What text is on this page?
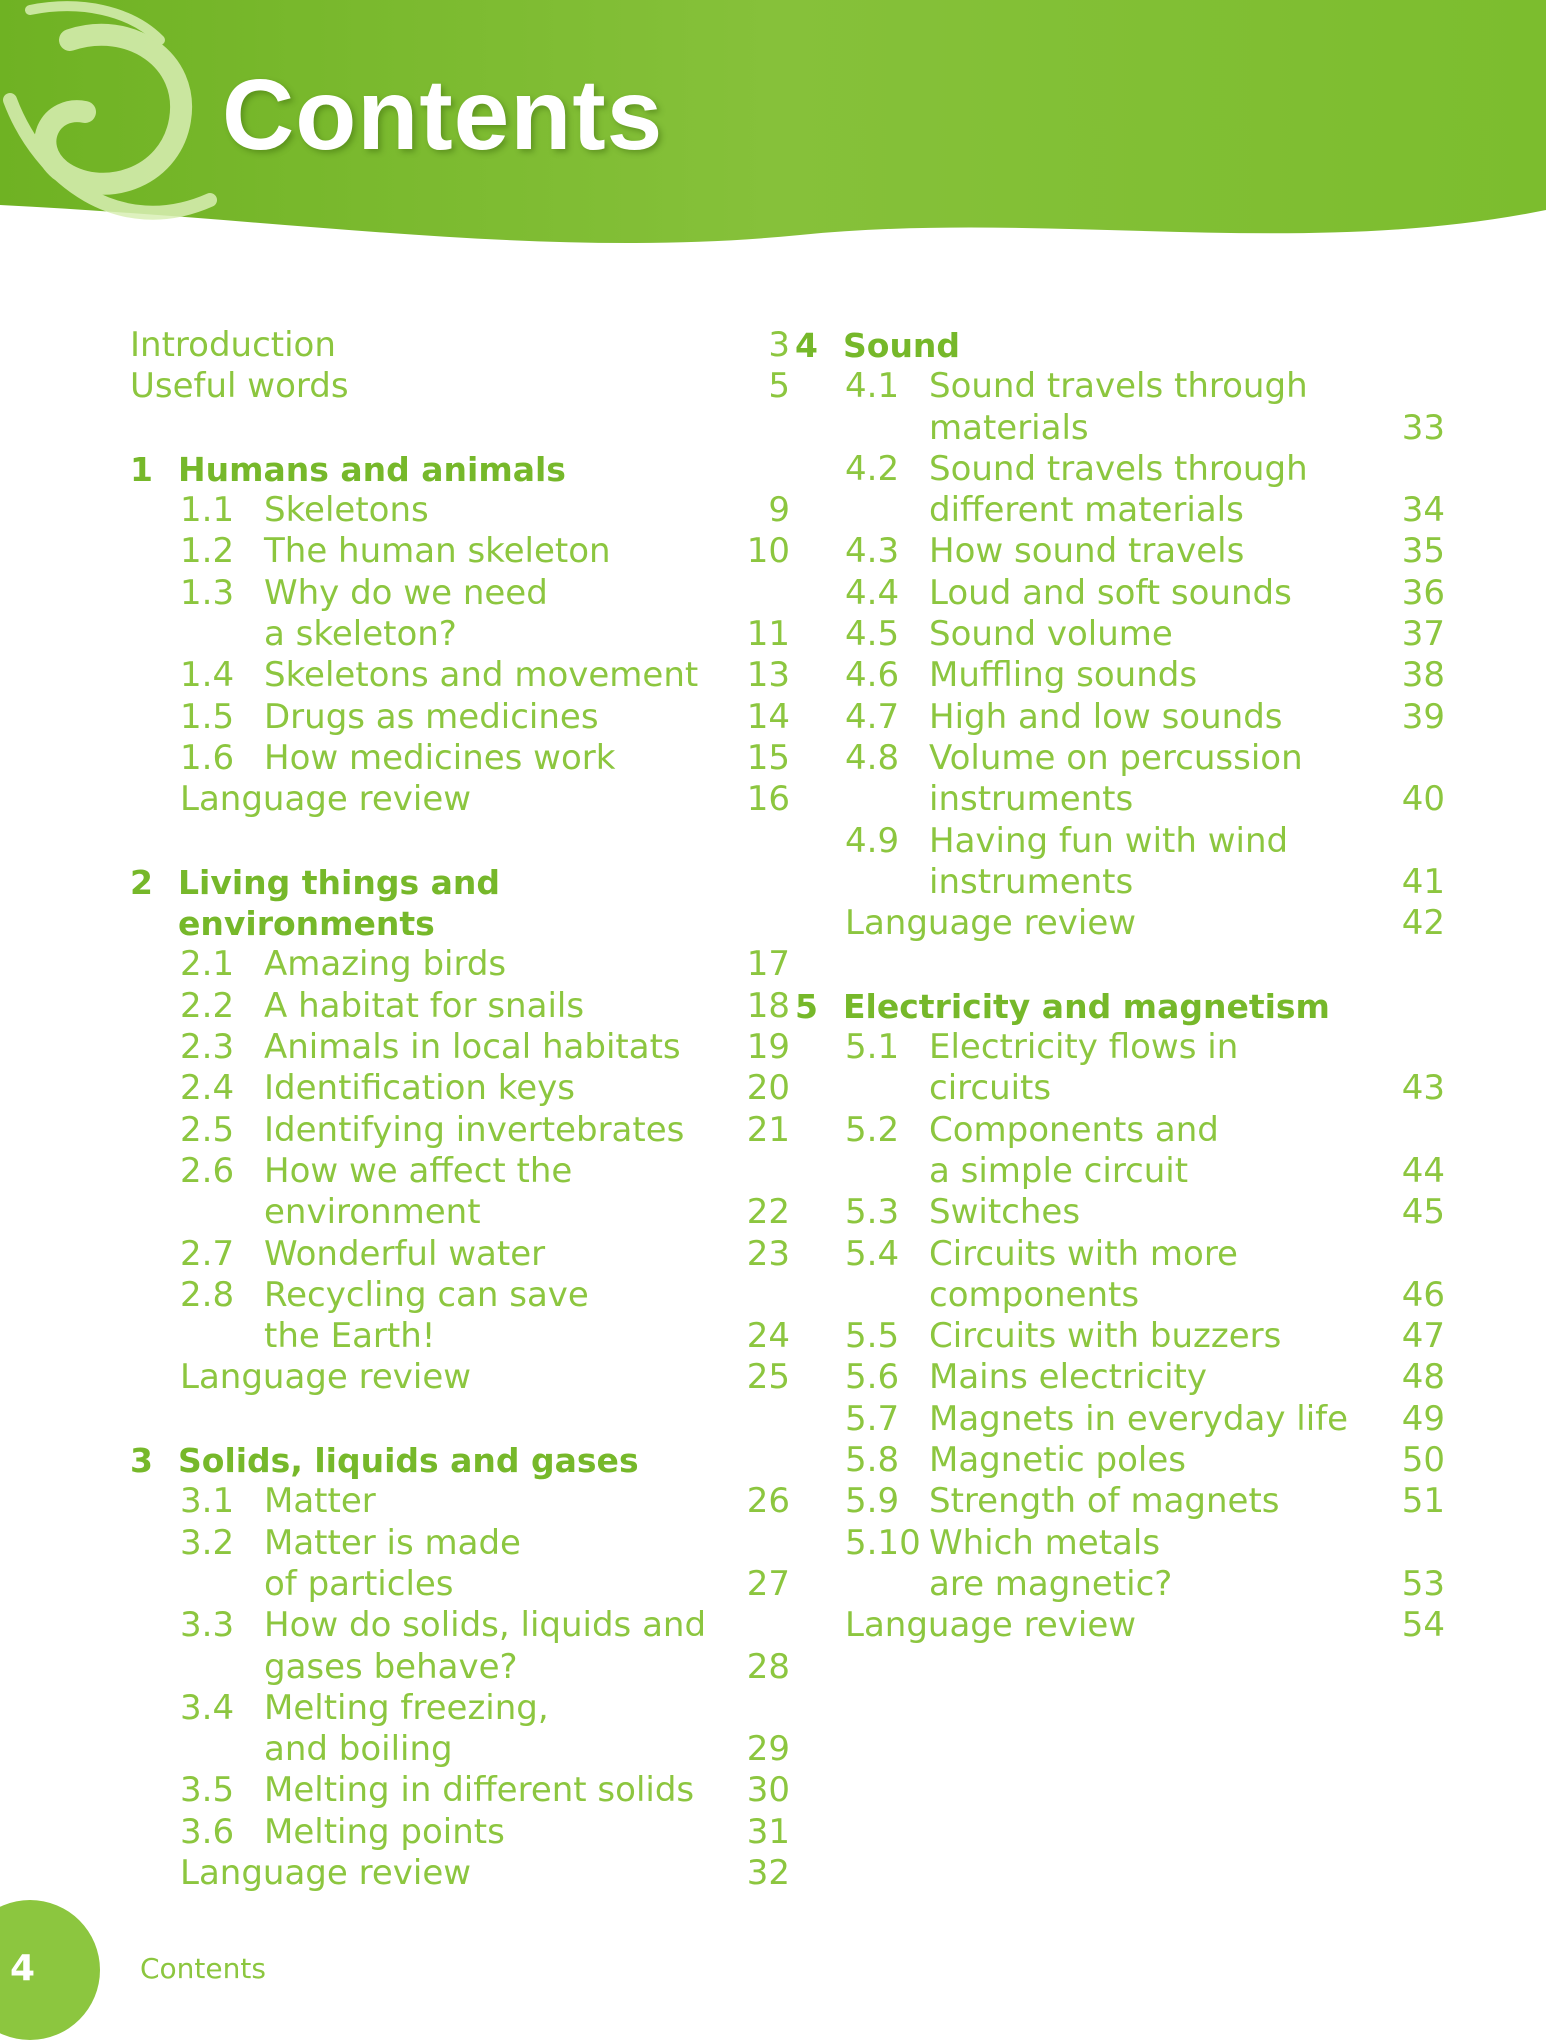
Contents
Introduction	3
Useful words	5
1 Humans and animals
1.1 Skeletons	9
1.2 The human skeleton	10
1.3 Why do we need
a skeleton?	11
1.4 Skeletons and movement	13
1.5 Drugs as medicines	14
1.6 How medicines work	15
Language review	16
2 Living things and
environments
2.1 Amazing birds	17
2.2 A habitat for snails	18
2.3 Animals in local habitats	19
2.4 Identification keys	20
2.5 Identifying invertebrates	21
2.6 How we affect the
environment	22
2.7 Wonderful water	23
2.8 Recycling can save
the Earth!	24
Language review	25
3 Solids, liquids and gases
3.1 Matter	26
3.2 Matter is made
of particles	27
3.3 How do solids, liquids and
gases behave?	28
3.4 Melting freezing,
and boiling	29
3.5 Melting in different solids	30
3.6 Melting points	31
Language review	32
4 Sound
4.1 Sound travels through
materials	33
4.2 Sound travels through
different materials	34
4.3 How sound travels	35
4.4 Loud and soft sounds	36
4.5 Sound volume	37
4.6 Muffling sounds	38
4.7 High and low sounds	39
4.8 Volume on percussion
instruments	40
4.9 Having fun with wind
instruments	41
Language review	42
5 Electricity and magnetism
5.1 Electricity flows in
circuits	43
5.2 Components and
a simple circuit	44
5.3 Switches	45
5.4 Circuits with more
components	46
5.5 Circuits with buzzers	47
5.6 Mains electricity	48
5.7 Magnets in everyday life	49
5.8 Magnetic poles	50
5.9 Strength of magnets	51
5.10 Which metals
are magnetic?	53
Language review	54
4	Contents
